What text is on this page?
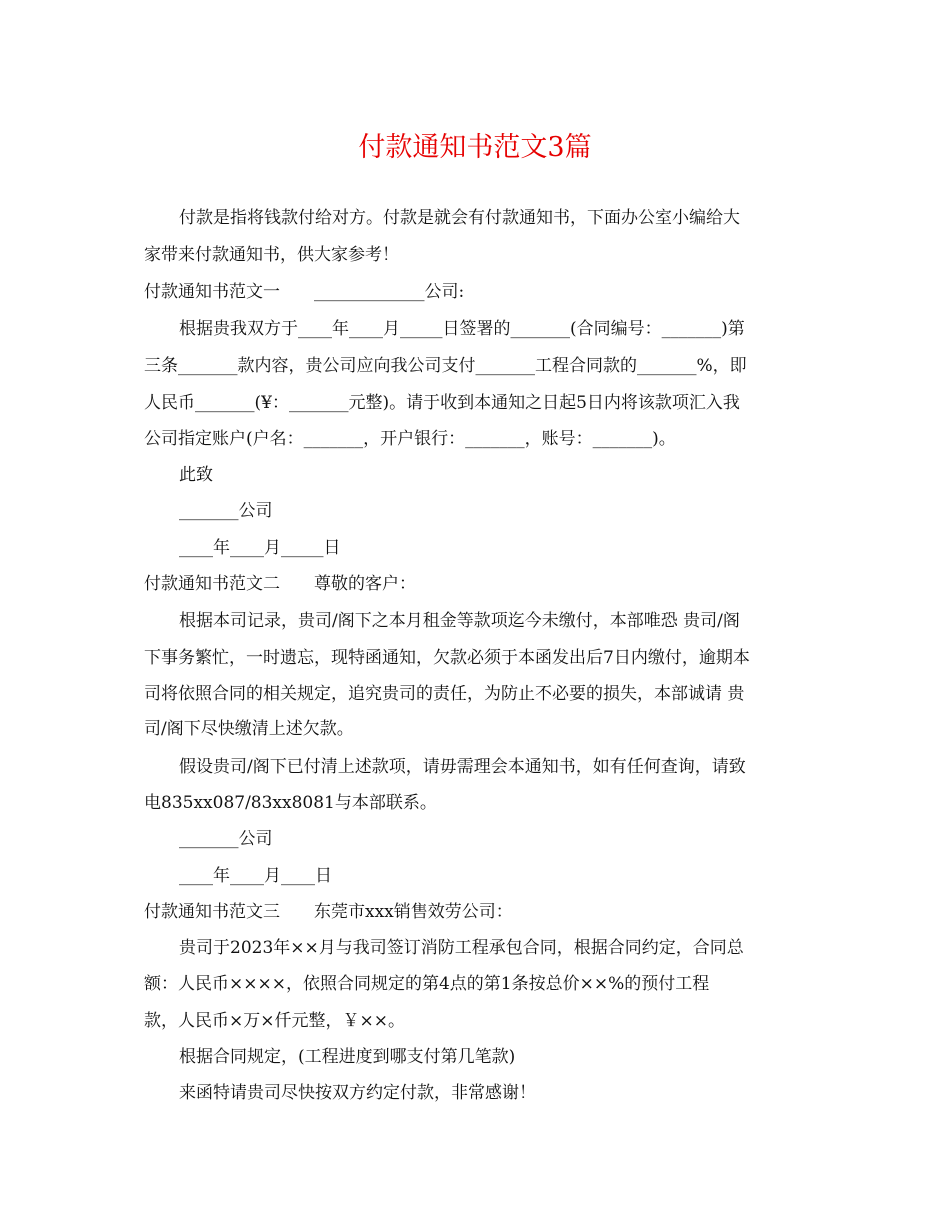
付款通知书范文3篇
付款是指将钱款付给对方。付款是就会有付款通知书，下面办公室小编给大
家带来付款通知书，供大家参考！
付款通知书范文一　　_____________公司:
根据贵我双方于____年____月_____日签署的_______(合同编号：_______)第
三条_______款内容，贵公司应向我公司支付_______工程合同款的_______%，即
人民币_______(¥：_______元整)。请于收到本通知之日起5日内将该款项汇入我
公司指定账户(户名：_______，开户银行：_______，账号：_______)。
此致
_______公司
____年____月_____日
付款通知书范文二　　尊敬的客户：
根据本司记录，贵司/阁下之本月租金等款项迄今未缴付，本部唯恐 贵司/阁
下事务繁忙，一时遗忘，现特函通知，欠款必须于本函发出后7日内缴付，逾期本
司将依照合同的相关规定，追究贵司的责任，为防止不必要的损失，本部诚请 贵
司/阁下尽快缴清上述欠款。
假设贵司/阁下已付清上述款项，请毋需理会本通知书，如有任何查询，请致
电835xx087/83xx8081与本部联系。
_______公司
____年____月____日
付款通知书范文三　　东莞市xxx销售效劳公司：
贵司于2023年××月与我司签订消防工程承包合同，根据合同约定，合同总
额：人民币××××，依照合同规定的第4点的第1条按总价××%的预付工程
款，人民币×万×仟元整，￥××。
根据合同规定，(工程进度到哪支付第几笔款)
来函特请贵司尽快按双方约定付款，非常感谢！
